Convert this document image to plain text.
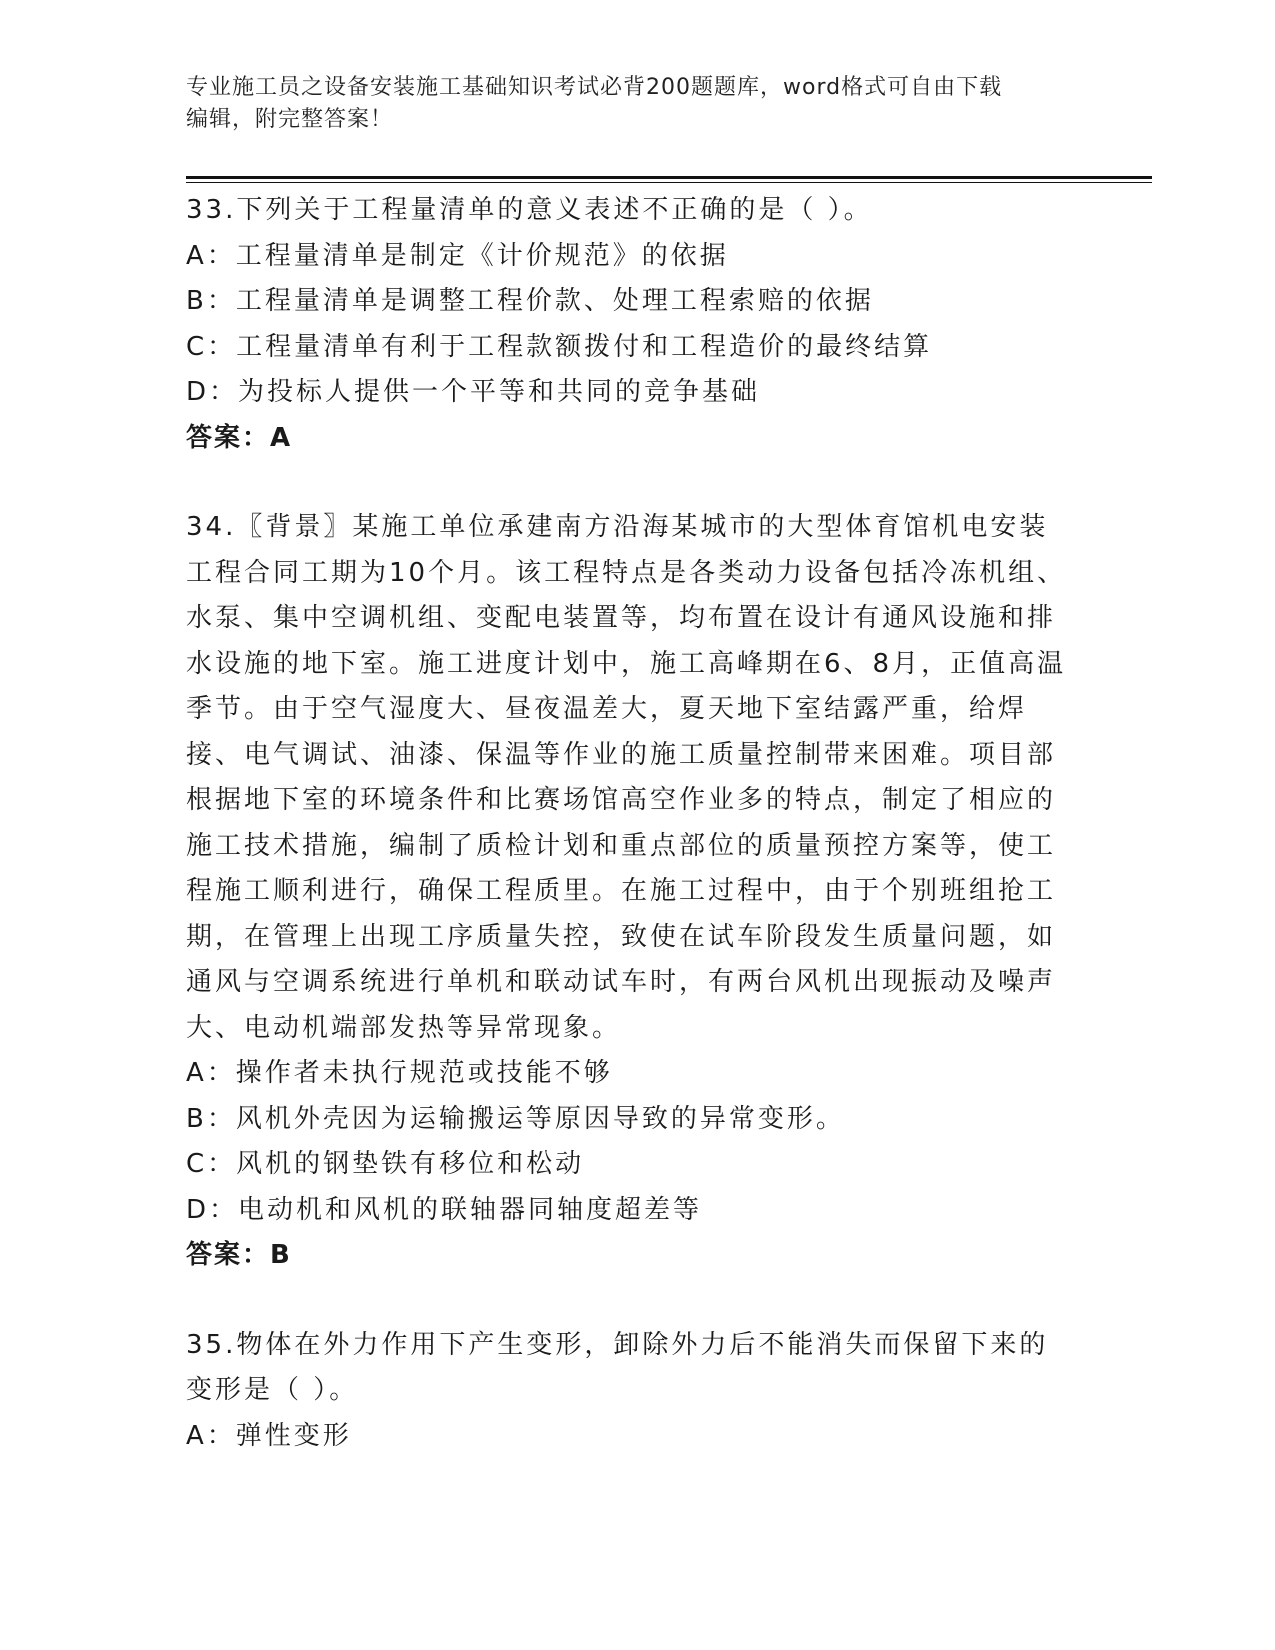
专业施工员之设备安装施工基础知识考试必背200题题库，word格式可自由下载
编辑，附完整答案！
33.下列关于工程量清单的意义表述不正确的是（ ）。
A：工程量清单是制定《计价规范》的依据
B：工程量清单是调整工程价款、处理工程索赔的依据
C：工程量清单有利于工程款额拨付和工程造价的最终结算
D：为投标人提供一个平等和共同的竞争基础
答案：A
34.〖背景〗某施工单位承建南方沿海某城市的大型体育馆机电安装工程合同工期为10个月。该工程特点是各类动力设备包括冷冻机组、水泵、集中空调机组、变配电装置等，均布置在设计有通风设施和排水设施的地下室。施工进度计划中，施工高峰期在6、8月，正值高温季节。由于空气湿度大、昼夜温差大，夏天地下室结露严重，给焊接、电气调试、油漆、保温等作业的施工质量控制带来困难。项目部根据地下室的环境条件和比赛场馆高空作业多的特点，制定了相应的施工技术措施，编制了质检计划和重点部位的质量预控方案等，使工程施工顺利进行，确保工程质里。在施工过程中，由于个别班组抢工期，在管理上出现工序质量失控，致使在试车阶段发生质量问题，如通风与空调系统进行单机和联动试车时，有两台风机出现振动及噪声大、电动机端部发热等异常现象。
A：操作者未执行规范或技能不够
B：风机外壳因为运输搬运等原因导致的异常变形。
C：风机的钢垫铁有移位和松动
D：电动机和风机的联轴器同轴度超差等
答案：B
35.物体在外力作用下产生变形，卸除外力后不能消失而保留下来的变形是（ ）。
A：弹性变形
